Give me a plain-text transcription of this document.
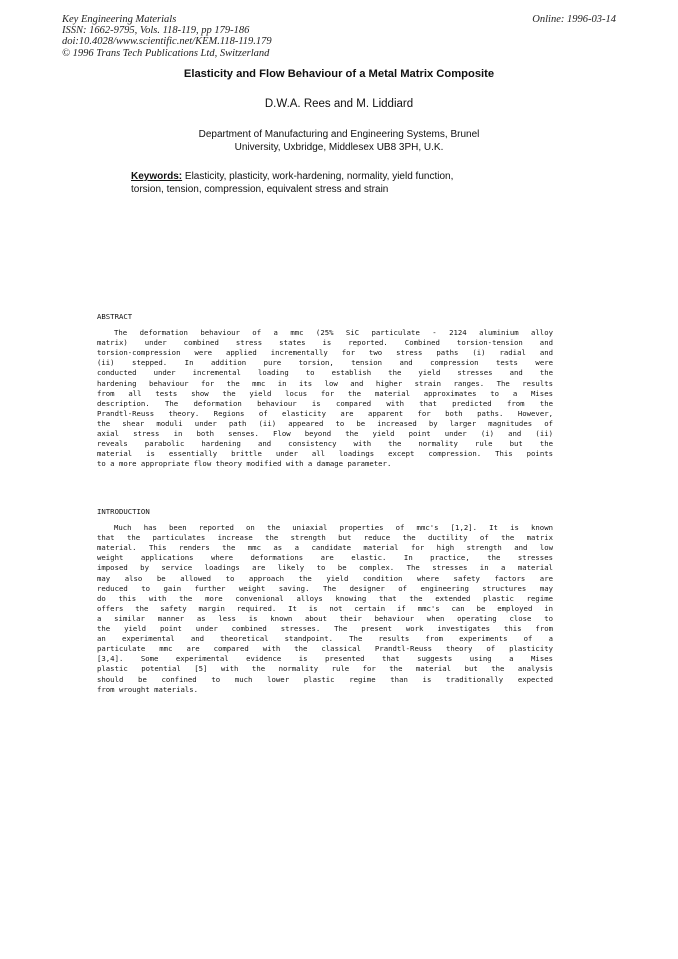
Key Engineering Materials
ISSN: 1662-9795, Vols. 118-119, pp 179-186
doi:10.4028/www.scientific.net/KEM.118-119.179
© 1996 Trans Tech Publications Ltd, Switzerland
Online: 1996-03-14
Elasticity and Flow Behaviour of a Metal Matrix Composite
D.W.A. Rees and M. Liddiard
Department of Manufacturing and Engineering Systems, Brunel
University, Uxbridge, Middlesex UB8 3PH, U.K.
Keywords: Elasticity, plasticity, work-hardening, normality, yield function,
torsion, tension, compression, equivalent stress and strain
ABSTRACT
The deformation behaviour of a mmc (25% SiC particulate - 2124 aluminium alloy
matrix) under combined stress states is reported. Combined torsion-tension and
torsion-compression were applied incrementally for two stress paths (i) radial and
(ii) stepped. In addition pure torsion, tension and compression tests were
conducted under incremental loading to establish the yield stresses and the
hardening behaviour for the mmc in its low and higher strain ranges. The results
from all tests show the yield locus for the material approximates to a Mises
description. The deformation behaviour is compared with that predicted from the
Prandtl-Reuss theory. Regions of elasticity are apparent for both paths. However,
the shear moduli under path (ii) appeared to be increased by larger magnitudes of
axial stress in both senses. Flow beyond the yield point under (i) and (ii)
reveals parabolic hardening and consistency with the normality rule but the
material is essentially brittle under all loadings except compression. This points
to a more appropriate flow theory modified with a damage parameter.
INTRODUCTION
Much has been reported on the uniaxial properties of mmc's [1,2]. It is known
that the particulates increase the strength but reduce the ductility of the matrix
material. This renders the mmc as a candidate material for high strength and low
weight applications where deformations are elastic. In practice, the stresses
imposed by service loadings are likely to be complex. The stresses in a material
may also be allowed to approach the yield condition where safety factors are
reduced to gain further weight saving. The designer of engineering structures may
do this with the more convenional alloys knowing that the extended plastic regime
offers the safety margin required. It is not certain if mmc's can be employed in
a similar manner as less is known about their behaviour when operating close to
the yield point under combined stresses. The present work investigates this from
an experimental and theoretical standpoint. The results from experiments of a
particulate mmc are compared with the classical Prandtl-Reuss theory of plasticity
[3,4]. Some experimental evidence is presented that suggests using a Mises
plastic potential [5] with the normality rule for the material but the analysis
should be confined to much lower plastic regime than is traditionally expected
from wrought materials.
